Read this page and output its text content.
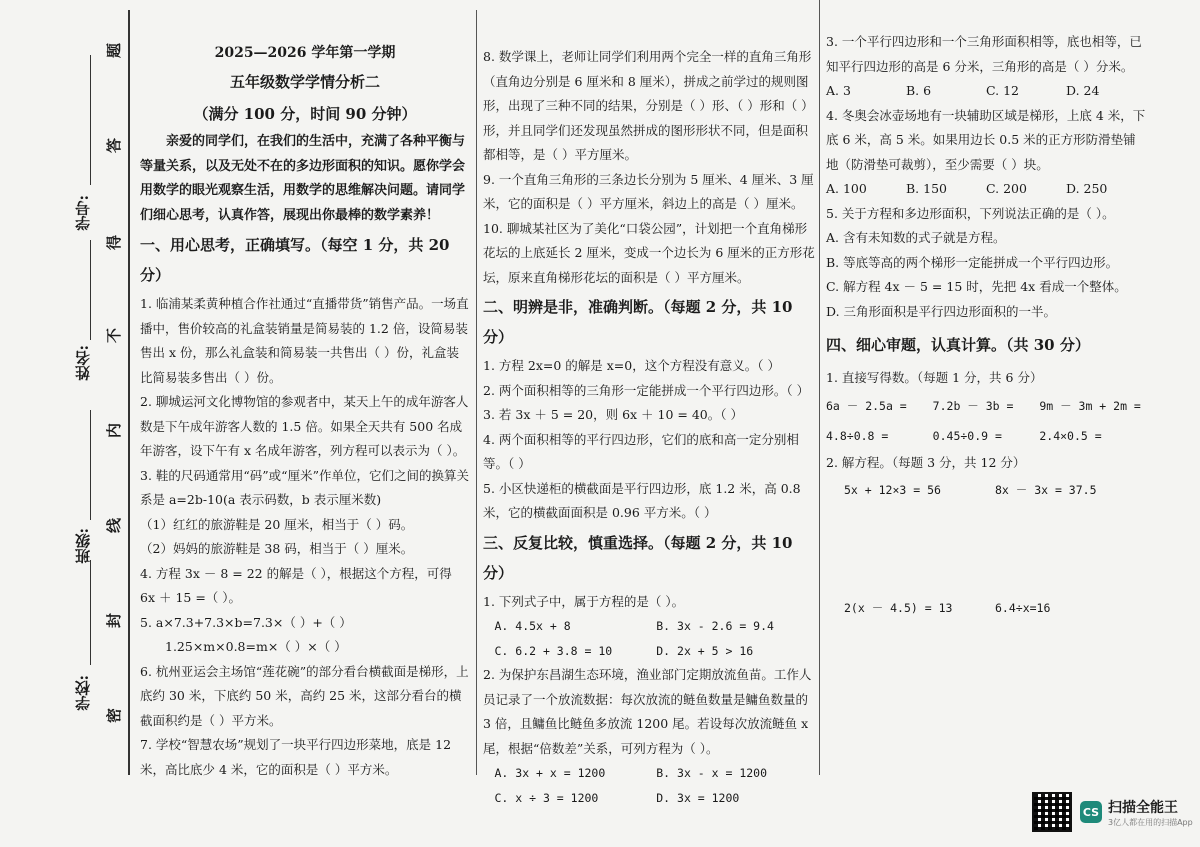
学校:
班级:
姓名:
学号:
题
答
得
不
内
线
封
密
2025—2026 学年第一学期
五年级数学学情分析二
（满分 100 分，时间 90 分钟）

亲爱的同学们，在我们的生活中，充满了各种平衡与等量关系，以及无处不在的多边形面积的知识。愿你学会用数学的眼光观察生活，用数学的思维解决问题。请同学们细心思考，认真作答，展现出你最棒的数学素养！

一、用心思考，正确填写。（每空 1 分，共 20 分）

1. 临浦某柔黄种植合作社通过“直播带货”销售产品。一场直播中，售价较高的礼盒装销量是简易装的 1.2 倍，设简易装售出 x 份，那么礼盒装和简易装一共售出（ ）份，礼盒装比简易装多售出（ ）份。

2. 聊城运河文化博物馆的参观者中，某天上午的成年游客人数是下午成年游客人数的 1.5 倍。如果全天共有 500 名成年游客，设下午有 x 名成年游客，列方程可以表示为（ ）。

3. 鞋的尺码通常用“码”或“厘米”作单位，它们之间的换算关系是 a=2b-10(a 表示码数，b 表示厘米数)

（1）红红的旅游鞋是 20 厘米，相当于（ ）码。

（2）妈妈的旅游鞋是 38 码，相当于（ ）厘米。

4. 方程 3x － 8 = 22 的解是（ ），根据这个方程，可得 6x ＋ 15 =（ ）。

5. a×7.3+7.3×b=7.3×（ ）+（ ）

1.25×m×0.8=m×（ ）×（ ）

6. 杭州亚运会主场馆“莲花碗”的部分看台横截面是梯形，上底约 30 米，下底约 50 米，高约 25 米，这部分看台的横截面积约是（ ）平方米。

7. 学校“智慧农场”规划了一块平行四边形菜地，底是 12 米，高比底少 4 米，它的面积是（ ）平方米。

8. 数学课上，老师让同学们利用两个完全一样的直角三角形（直角边分别是 6 厘米和 8 厘米），拼成之前学过的规则图形，出现了三种不同的结果，分别是（ ）形、（ ）形和（ ）形，并且同学们还发现虽然拼成的图形形状不同，但是面积都相等，是（ ）平方厘米。

9. 一个直角三角形的三条边长分别为 5 厘米、4 厘米、3 厘米，它的面积是（ ）平方厘米，斜边上的高是（ ）厘米。

10. 聊城某社区为了美化“口袋公园”，计划把一个直角梯形花坛的上底延长 2 厘米，变成一个边长为 6 厘米的正方形花坛，原来直角梯形花坛的面积是（ ）平方厘米。

二、明辨是非，准确判断。（每题 2 分，共 10 分）

1. 方程 2x=0 的解是 x=0，这个方程没有意义。（ ）

2. 两个面积相等的三角形一定能拼成一个平行四边形。（ ）

3. 若 3x ＋ 5 = 20，则 6x ＋ 10 = 40。（ ）

4. 两个面积相等的平行四边形，它们的底和高一定分别相等。（ ）

5. 小区快递柜的横截面是平行四边形，底 1.2 米，高 0.8 米，它的横截面面积是 0.96 平方米。（ ）

三、反复比较，慎重选择。（每题 2 分，共 10 分）

1. 下列式子中，属于方程的是（ ）。

A. 4.5x + 8	B. 3x - 2.6 = 9.4
C. 6.2 + 3.8 = 10	D. 2x + 5 > 16

2. 为保护东昌湖生态环境，渔业部门定期放流鱼苗。工作人员记录了一个放流数据：每次放流的鲢鱼数量是鳙鱼数量的 3 倍，且鳙鱼比鲢鱼多放流 1200 尾。若设每次放流鲢鱼 x 尾，根据“倍数差”关系，可列方程为（ ）。

A. 3x + x = 1200	B. 3x - x = 1200
C. x ÷ 3 = 1200	D. 3x = 1200

3. 一个平行四边形和一个三角形面积相等，底也相等，已知平行四边形的高是 6 分米，三角形的高是（ ）分米。

A. 3	B. 6	C. 12	D. 24

4. 冬奥会冰壶场地有一块辅助区域是梯形，上底 4 米，下底 6 米，高 5 米。如果用边长 0.5 米的正方形防滑垫铺地（防滑垫可裁剪），至少需要（ ）块。

A. 100	B. 150	C. 200	D. 250

5. 关于方程和多边形面积，下列说法正确的是（ ）。

A. 含有未知数的式子就是方程。

B. 等底等高的两个梯形一定能拼成一个平行四边形。

C. 解方程 4x － 5 = 15 时，先把 4x 看成一个整体。

D. 三角形面积是平行四边形面积的一半。

四、细心审题，认真计算。（共 30 分）

1. 直接写得数。（每题 1 分，共 6 分）

6a － 2.5a =	7.2b － 3b =	9m － 3m + 2m =
4.8÷0.8 =	0.45÷0.9 =	2.4×0.5 =

2. 解方程。（每题 3 分，共 12 分）

5x + 12×3 = 56	8x － 3x = 37.5
2(x － 4.5) = 13	6.4÷x=16
CS 扫描全能王
3亿人都在用的扫描App
